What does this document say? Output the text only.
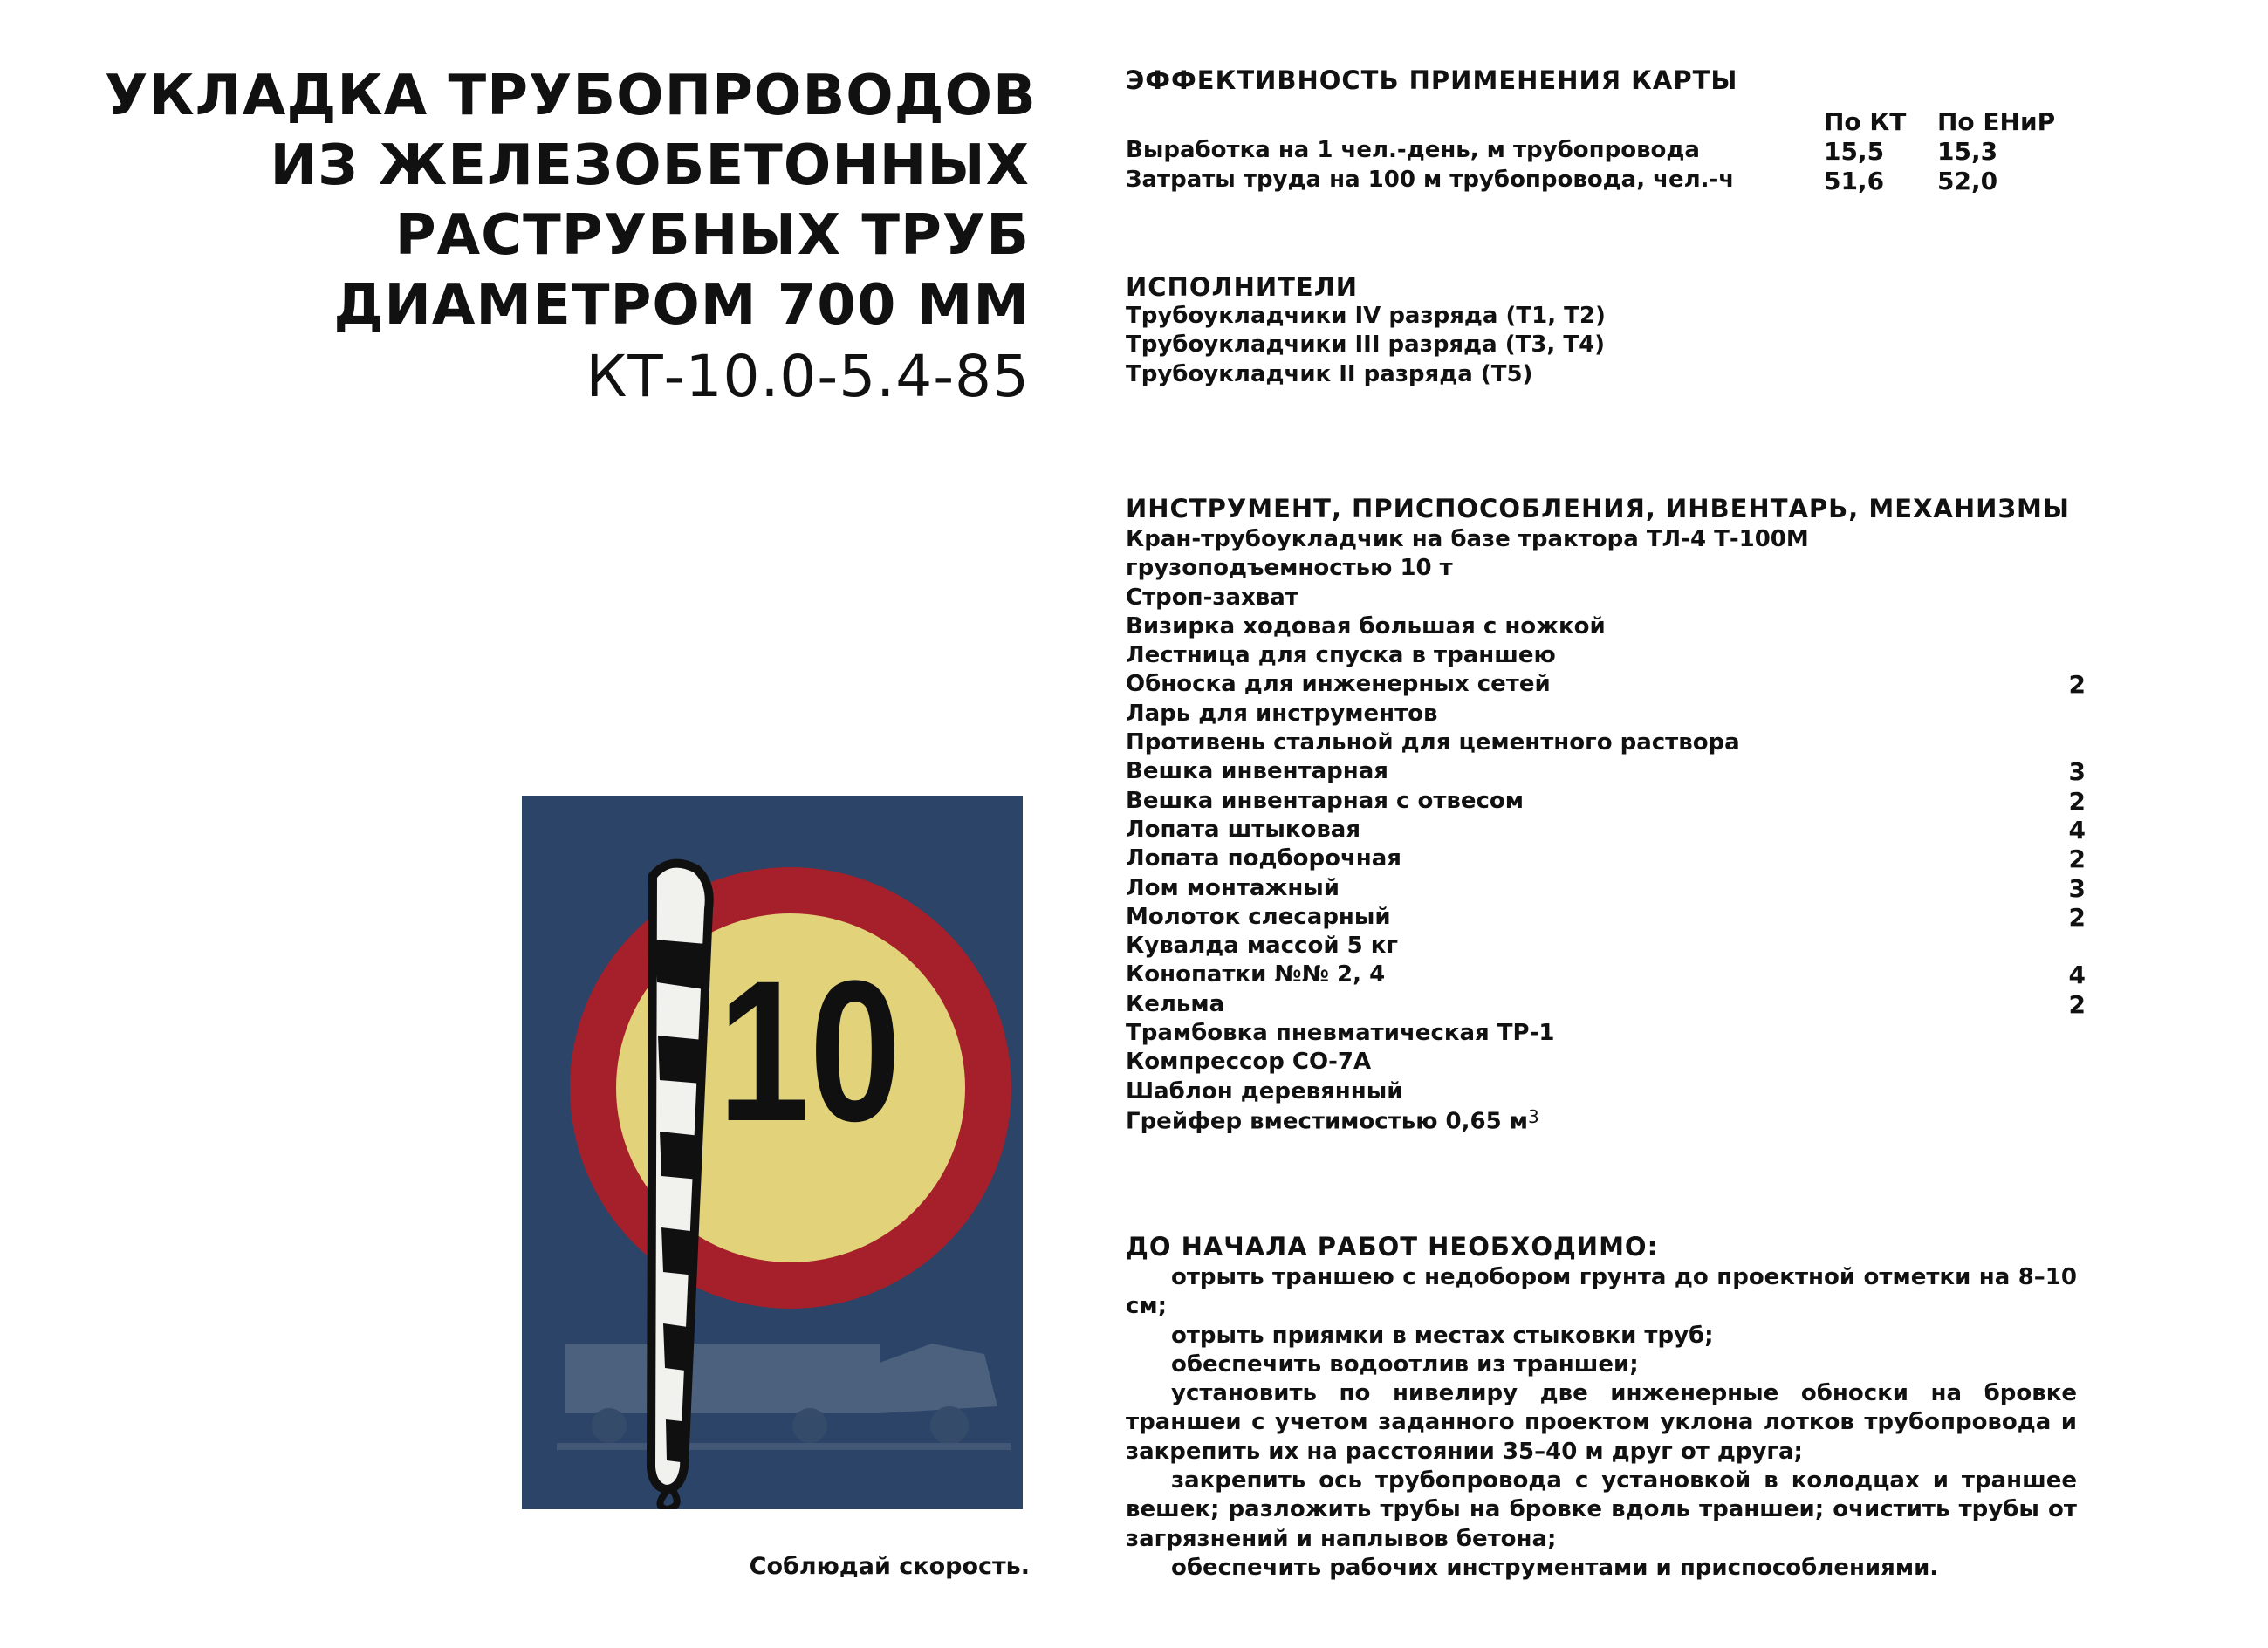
УКЛАДКА ТРУБОПРОВОДОВ
ИЗ ЖЕЛЕЗОБЕТОННЫХ
РАСТРУБНЫХ ТРУБ
ДИАМЕТРОМ 700 ММ
КТ-10.0-5.4-85
ЭФФЕКТИВНОСТЬ ПРИМЕНЕНИЯ КАРТЫ
По КТ По ЕНиР
Выработка на 1 чел.-день, м трубопровода	15,5 15,3
Затраты труда на 100 м трубопровода, чел.-ч	51,6 52,0
ИСПОЛНИТЕЛИ
Трубоукладчики IV разряда (Т1, Т2)
Трубоукладчики III разряда (Т3, Т4)
Трубоукладчик II разряда (Т5)
ИНСТРУМЕНТ, ПРИСПОСОБЛЕНИЯ, ИНВЕНТАРЬ, МЕХАНИЗМЫ
Кран-трубоукладчик на базе трактора ТЛ-4 Т-100М
грузоподъемностью 10 т
Строп-захват
Визирка ходовая большая с ножкой
Лестница для спуска в траншею
Обноска для инженерных сетей	2
Ларь для инструментов
Противень стальной для цементного раствора
Вешка инвентарная	3
Вешка инвентарная с отвесом	2
Лопата штыковая	4
Лопата подборочная	2
Лом монтажный	3
Молоток слесарный	2
Кувалда массой 5 кг
Конопатки №№ 2, 4	4
Кельма	2
Трамбовка пневматическая ТР-1
Компрессор СО-7А
Шаблон деревянный
Грейфер вместимостью 0,65 м3
ДО НАЧАЛА РАБОТ НЕОБХОДИМО:
отрыть траншею с недобором грунта до проектной отметки на 8–10 см;
отрыть приямки в местах стыковки труб;
обеспечить водоотлив из траншеи;
установить по нивелиру две инженерные обноски на бровке траншеи с учетом заданного проектом уклона лотков трубопровода и закрепить их на расстоянии 35–40 м друг от друга;
закрепить ось трубопровода с установкой в колодцах и траншее вешек; разложить трубы на бровке вдоль траншеи; очистить трубы от загрязнений и наплывов бетона;
обеспечить рабочих инструментами и приспособлениями.
10
Соблюдай скорость.
